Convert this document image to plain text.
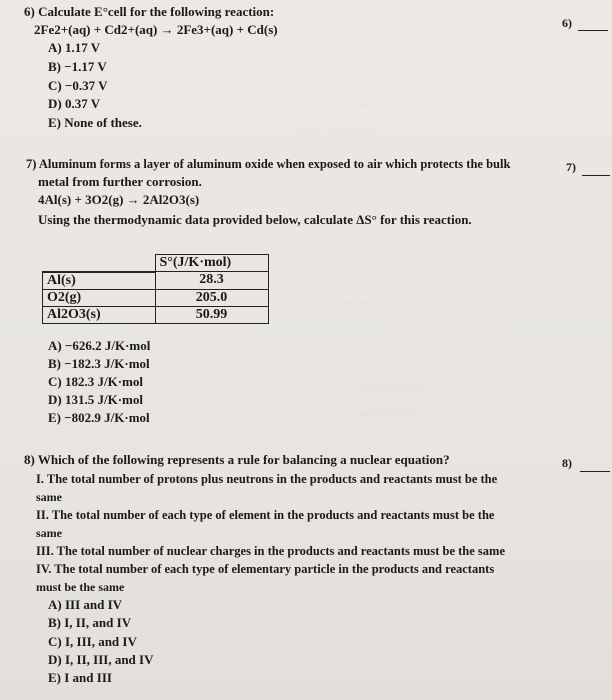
· ·· · ·· ·· ··· · ·· ·
·· · ··· · ·· · ···
· ··· ·· · · ·· ··
·· ··· · ·· ··· ·· ·
· ·· ·· ··· ·· · ··
·· · ·· · ·· ··· · ·
· ·· · ·· ·· ·
·· · ··· · ·
6) Calculate E°cell for the following reaction:
6)
2Fe2+(aq) + Cd2+(aq) → 2Fe3+(aq) + Cd(s)
A) 1.17 V
B) −1.17 V
C) −0.37 V
D) 0.37 V
E) None of these.
7) Aluminum forms a layer of aluminum oxide when exposed to air which protects the bulk	7)
metal from further corrosion.
4Al(s) + 3O2(g) → 2Al2O3(s)
Using the thermodynamic data provided below, calculate ΔS° for this reaction.
	S°(J/K·mol)
Al(s)	28.3
O2(g)	205.0
Al2O3(s)	50.99
A) −626.2 J/K·mol
B) −182.3 J/K·mol
C) 182.3 J/K·mol
D) 131.5 J/K·mol
E) −802.9 J/K·mol
8) Which of the following represents a rule for balancing a nuclear equation?	8)
I. The total number of protons plus neutrons in the products and reactants must be the
same
II. The total number of each type of element in the products and reactants must be the
same
III. The total number of nuclear charges in the products and reactants must be the same
IV. The total number of each type of elementary particle in the products and reactants
must be the same
A) III and IV
B) I, II, and IV
C) I, III, and IV
D) I, II, III, and IV
E) I and III
